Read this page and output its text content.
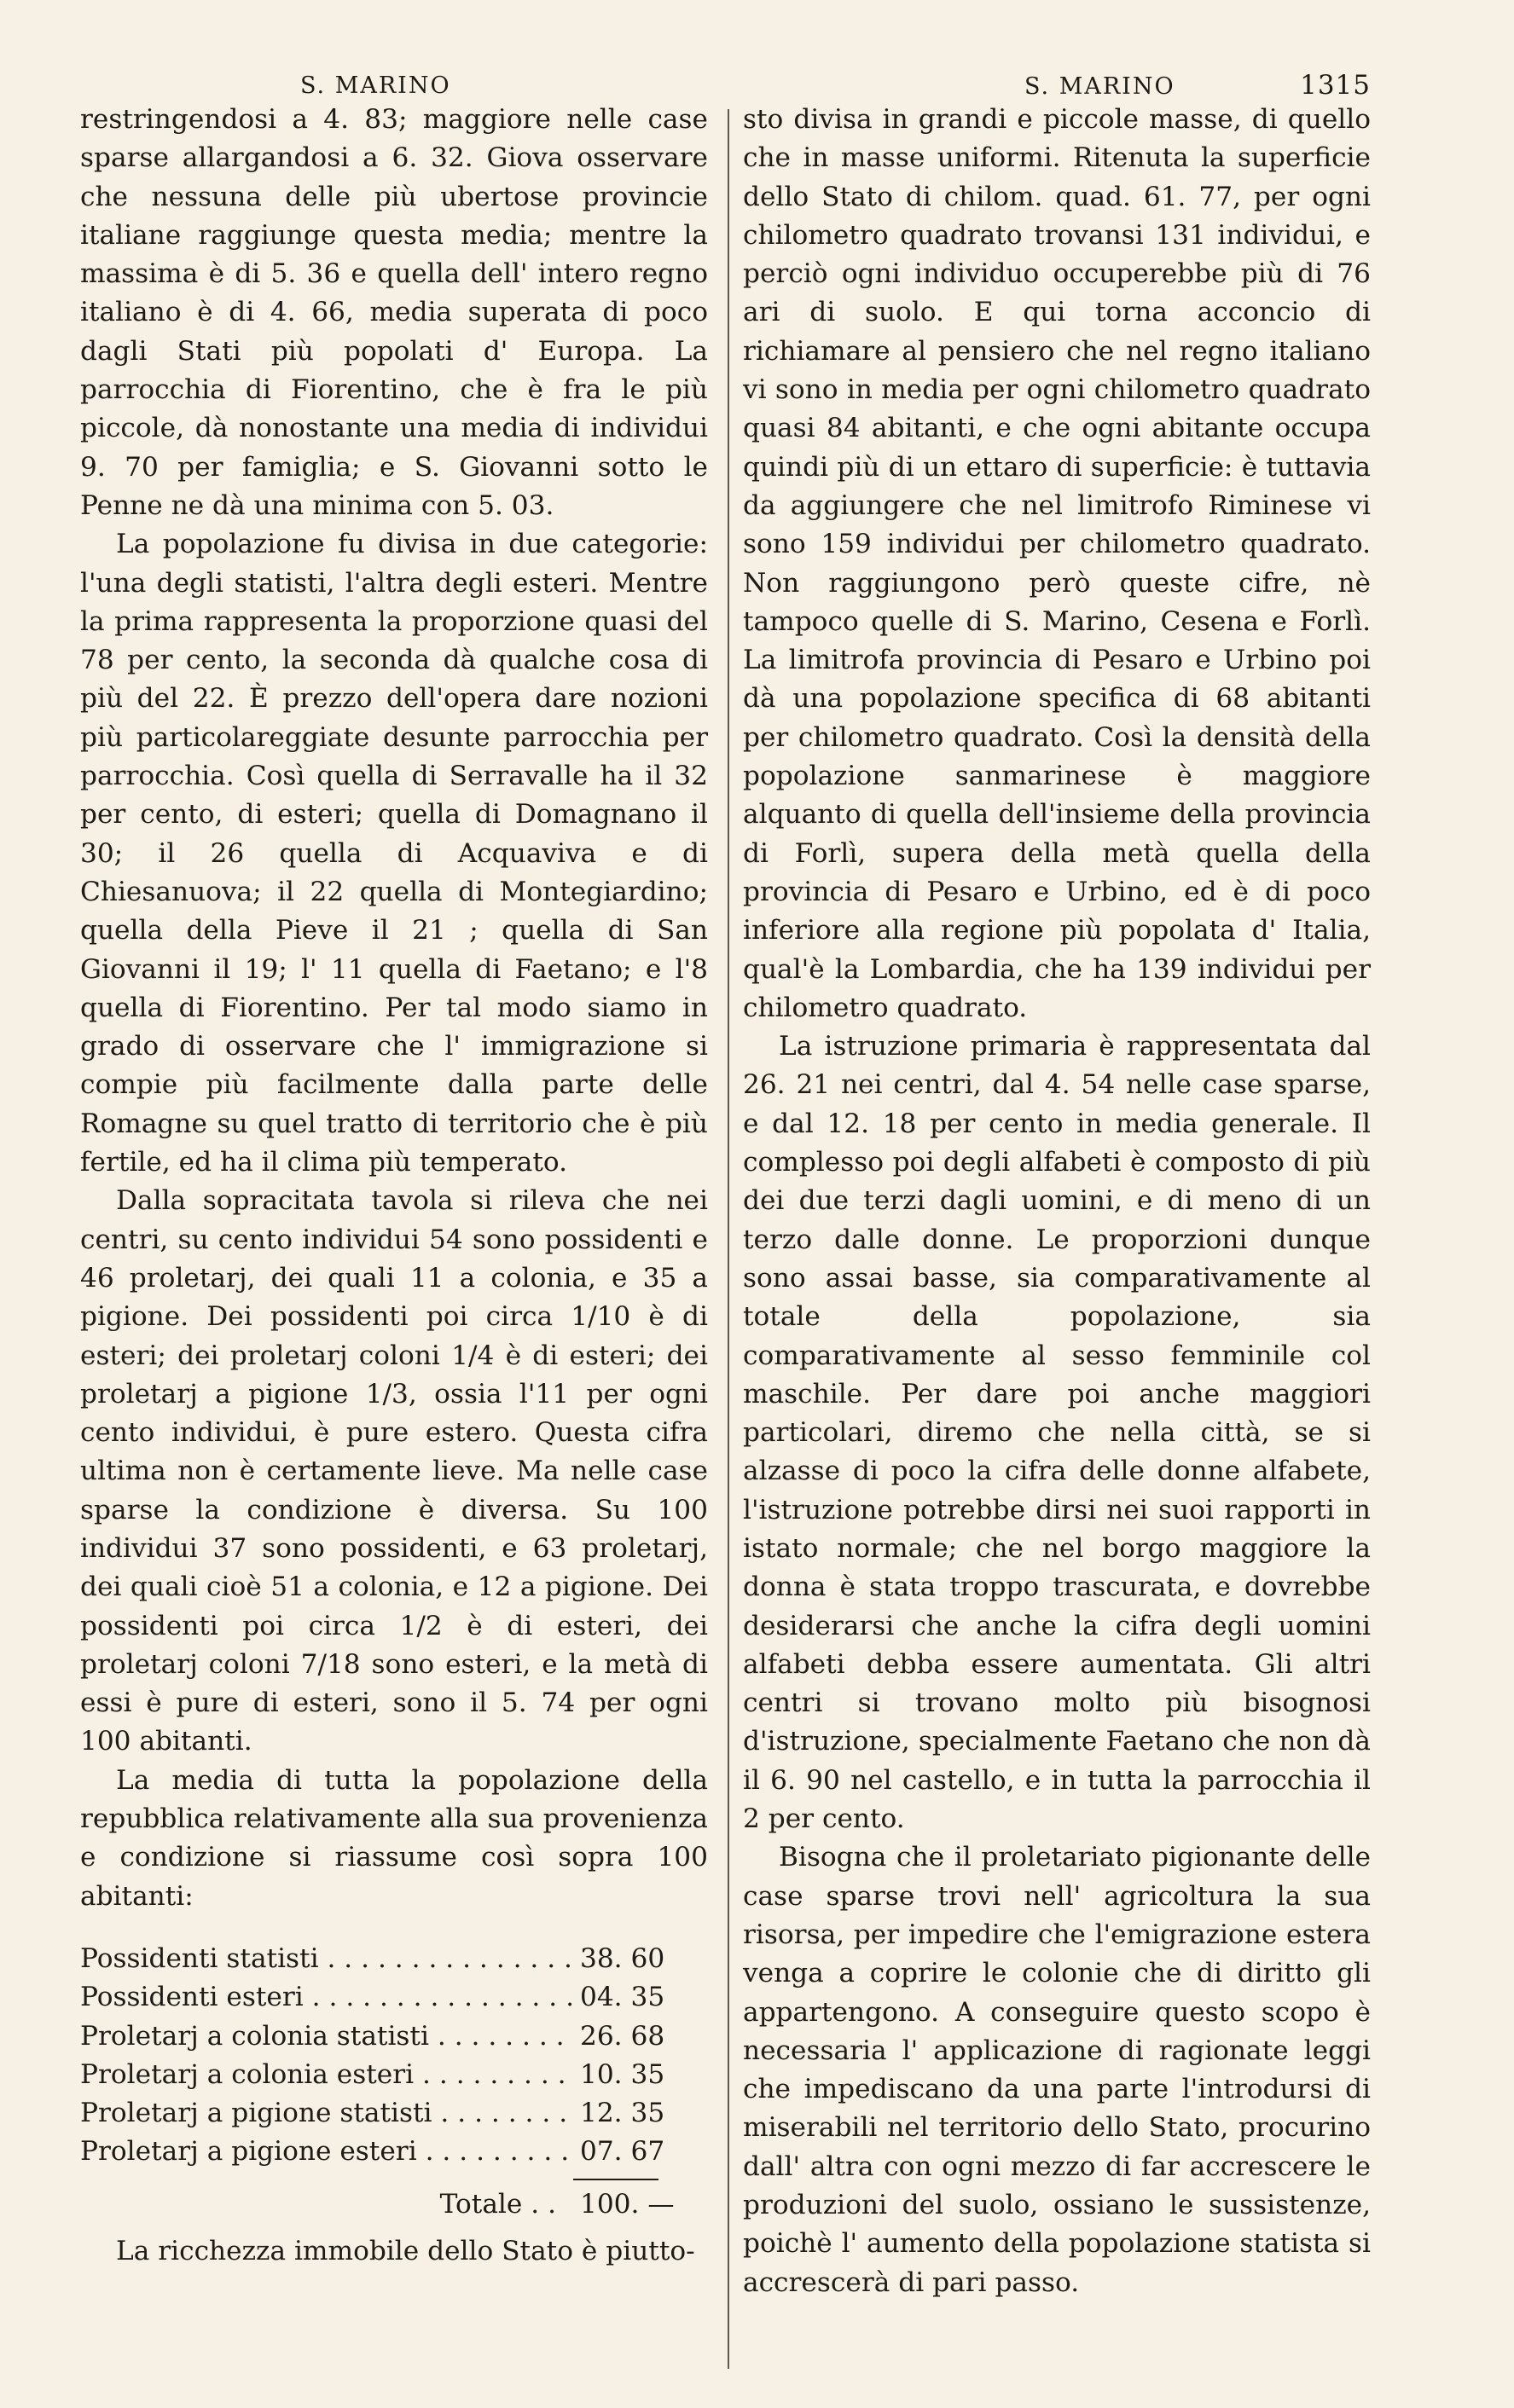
S. MARINO

restringendosi a 4. 83; maggiore nelle case sparse allargandosi a 6. 32. Giova osservare che nessuna delle più ubertose provincie italiane raggiunge questa media; mentre la massima è di 5. 36 e quella dell' intero regno italiano è di 4. 66, media superata di poco dagli Stati più popolati d' Europa. La parrocchia di Fiorentino, che è fra le più piccole, dà nonostante una media di individui 9. 70 per famiglia; e S. Giovanni sotto le Penne ne dà una minima con 5. 03.

La popolazione fu divisa in due categorie: l'una degli statisti, l'altra degli esteri. Mentre la prima rappresenta la proporzione quasi del 78 per cento, la seconda dà qualche cosa di più del 22. È prezzo dell'opera dare nozioni più particolareggiate desunte parrocchia per parrocchia. Così quella di Serravalle ha il 32 per cento, di esteri; quella di Domagnano il 30; il 26 quella di Acquaviva e di Chiesanuova; il 22 quella di Montegiardino; quella della Pieve il 21 ; quella di San Giovanni il 19; l' 11 quella di Faetano; e l'8 quella di Fiorentino. Per tal modo siamo in grado di osservare che l' immigrazione si compie più facilmente dalla parte delle Romagne su quel tratto di territorio che è più fertile, ed ha il clima più temperato.

Dalla sopracitata tavola si rileva che nei centri, su cento individui 54 sono possidenti e 46 proletarj, dei quali 11 a colonia, e 35 a pigione. Dei possidenti poi circa 1/10 è di esteri; dei proletarj coloni 1/4 è di esteri; dei proletarj a pigione 1/3, ossia l'11 per ogni cento individui, è pure estero. Questa cifra ultima non è certamente lieve. Ma nelle case sparse la condizione è diversa. Su 100 individui 37 sono possidenti, e 63 proletarj, dei quali cioè 51 a colonia, e 12 a pigione. Dei possidenti poi circa 1/2 è di esteri, dei proletarj coloni 7/18 sono esteri, e la metà di essi è pure di esteri, sono il 5. 74 per ogni 100 abitanti.

La media di tutta la popolazione della repubblica relativamente alla sua provenienza e condizione si riassume così sopra 100 abitanti:

Possidenti statisti . . .	38. 60
Possidenti esteri . . .	04. 35
Proletarj a colonia statisti . . .	26. 68
Proletarj a colonia esteri . . .	10. 35
Proletarj a pigione statisti . . .	12. 35
Proletarj a pigione esteri . . .	07. 67
Totale . . 100. —

La ricchezza immobile dello Stato è piutto-

S. MARINO	1315

sto divisa in grandi e piccole masse, di quello che in masse uniformi. Ritenuta la superficie dello Stato di chilom. quad. 61. 77, per ogni chilometro quadrato trovansi 131 individui, e perciò ogni individuo occuperebbe più di 76 ari di suolo. E qui torna acconcio di richiamare al pensiero che nel regno italiano vi sono in media per ogni chilometro quadrato quasi 84 abitanti, e che ogni abitante occupa quindi più di un ettaro di superficie: è tuttavia da aggiungere che nel limitrofo Riminese vi sono 159 individui per chilometro quadrato. Non raggiungono però queste cifre, nè tampoco quelle di S. Marino, Cesena e Forlì. La limitrofa provincia di Pesaro e Urbino poi dà una popolazione specifica di 68 abitanti per chilometro quadrato. Così la densità della popolazione sanmarinese è maggiore alquanto di quella dell'insieme della provincia di Forlì, supera della metà quella della provincia di Pesaro e Urbino, ed è di poco inferiore alla regione più popolata d' Italia, qual'è la Lombardia, che ha 139 individui per chilometro quadrato.

La istruzione primaria è rappresentata dal 26. 21 nei centri, dal 4. 54 nelle case sparse, e dal 12. 18 per cento in media generale. Il complesso poi degli alfabeti è composto di più dei due terzi dagli uomini, e di meno di un terzo dalle donne. Le proporzioni dunque sono assai basse, sia comparativamente al totale della popolazione, sia comparativamente al sesso femminile col maschile. Per dare poi anche maggiori particolari, diremo che nella città, se si alzasse di poco la cifra delle donne alfabete, l'istruzione potrebbe dirsi nei suoi rapporti in istato normale; che nel borgo maggiore la donna è stata troppo trascurata, e dovrebbe desiderarsi che anche la cifra degli uomini alfabeti debba essere aumentata. Gli altri centri si trovano molto più bisognosi d'istruzione, specialmente Faetano che non dà il 6. 90 nel castello, e in tutta la parrocchia il 2 per cento.

Bisogna che il proletariato pigionante delle case sparse trovi nell' agricoltura la sua risorsa, per impedire che l'emigrazione estera venga a coprire le colonie che di diritto gli appartengono. A conseguire questo scopo è necessaria l' applicazione di ragionate leggi che impediscano da una parte l'introdursi di miserabili nel territorio dello Stato, procurino dall' altra con ogni mezzo di far accrescere le produzioni del suolo, ossiano le sussistenze, poichè l' aumento della popolazione statista si accrescerà di pari passo.
